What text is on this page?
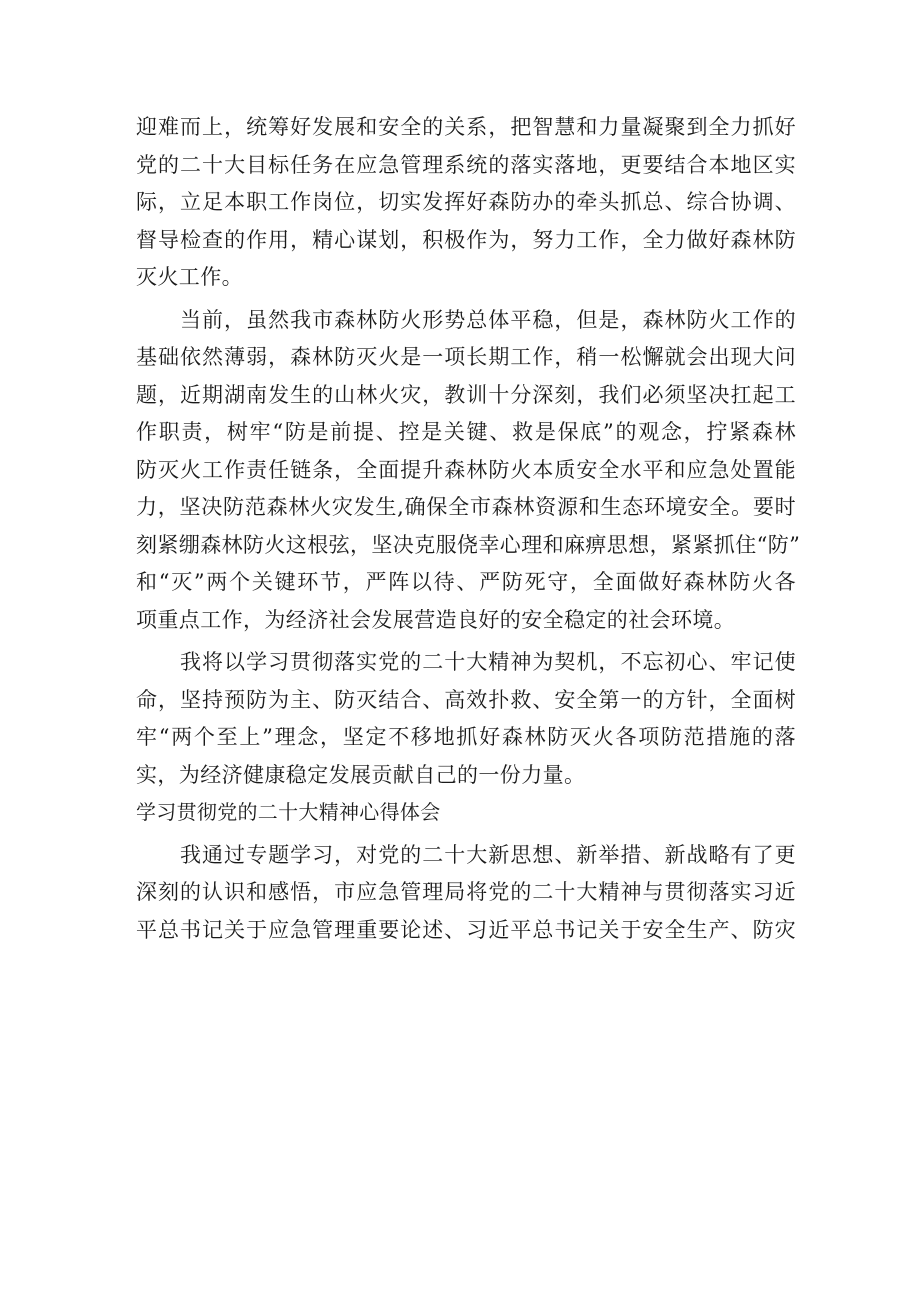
迎难而上，统筹好发展和安全的关系，把智慧和力量凝聚到全力抓好
党的二十大目标任务在应急管理系统的落实落地，更要结合本地区实
际，立足本职工作岗位，切实发挥好森防办的牵头抓总、综合协调、
督导检查的作用，精心谋划，积极作为，努力工作，全力做好森林防
灭火工作。
当前，虽然我市森林防火形势总体平稳，但是，森林防火工作的
基础依然薄弱，森林防灭火是一项长期工作，稍一松懈就会出现大问
题，近期湖南发生的山林火灾，教训十分深刻，我们必须坚决扛起工
作职责，树牢“防是前提、控是关键、救是保底”的观念，拧紧森林
防灭火工作责任链条，全面提升森林防火本质安全水平和应急处置能
力，坚决防范森林火灾发生,确保全市森林资源和生态环境安全。要时
刻紧绷森林防火这根弦，坚决克服侥幸心理和麻痹思想，紧紧抓住“防”
和“灭”两个关键环节，严阵以待、严防死守，全面做好森林防火各
项重点工作，为经济社会发展营造良好的安全稳定的社会环境。
我将以学习贯彻落实党的二十大精神为契机，不忘初心、牢记使
命，坚持预防为主、防灭结合、高效扑救、安全第一的方针，全面树
牢“两个至上”理念，坚定不移地抓好森林防灭火各项防范措施的落
实，为经济健康稳定发展贡献自己的一份力量。
学习贯彻党的二十大精神心得体会
我通过专题学习，对党的二十大新思想、新举措、新战略有了更
深刻的认识和感悟，市应急管理局将党的二十大精神与贯彻落实习近
平总书记关于应急管理重要论述、习近平总书记关于安全生产、防灾
